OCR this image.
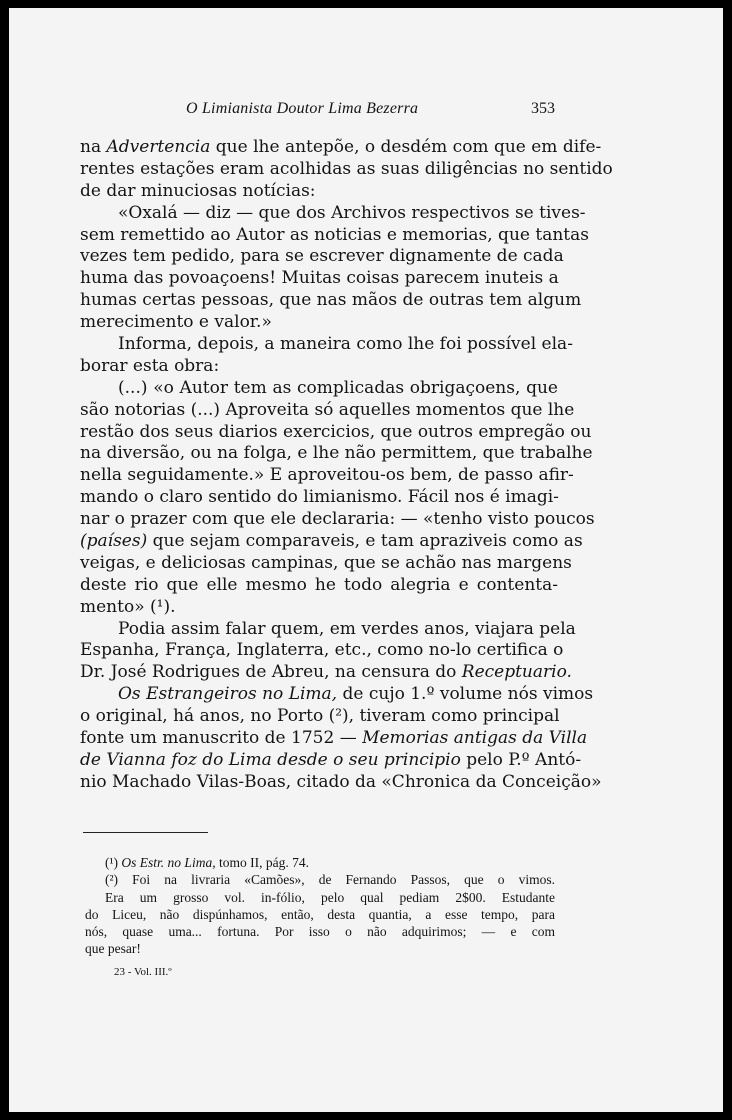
O Limianista Doutor Lima Bezerra	353
na Advertencia que lhe antepõe, o desdém com que em dife-
rentes estações eram acolhidas as suas diligências no sentido
de dar minuciosas notícias:
«Oxalá — diz — que dos Archivos respectivos se tives-
sem remettido ao Autor as noticias e memorias, que tantas
vezes tem pedido, para se escrever dignamente de cada
huma das povoaçoens! Muitas coisas parecem inuteis a
humas certas pessoas, que nas mãos de outras tem algum
merecimento e valor.»
Informa, depois, a maneira como lhe foi possível ela-
borar esta obra:
(...) «o Autor tem as complicadas obrigaçoens, que
são notorias (...) Aproveita só aquelles momentos que lhe
restão dos seus diarios exercicios, que outros empregão ou
na diversão, ou na folga, e lhe não permittem, que trabalhe
nella seguidamente.» E aproveitou-os bem, de passo afir-
mando o claro sentido do limianismo. Fácil nos é imagi-
nar o prazer com que ele declararia: — «tenho visto poucos
(países) que sejam comparaveis, e tam apraziveis como as
veigas, e deliciosas campinas, que se achão nas margens
deste rio que elle mesmo he todo alegria e contenta-
mento» (¹).
Podia assim falar quem, em verdes anos, viajara pela
Espanha, França, Inglaterra, etc., como no-lo certifica o
Dr. José Rodrigues de Abreu, na censura do Receptuario.
Os Estrangeiros no Lima, de cujo 1.º volume nós vimos
o original, há anos, no Porto (²), tiveram como principal
fonte um manuscrito de 1752 — Memorias antigas da Villa
de Vianna foz do Lima desde o seu principio pelo P.º Antó-
nio Machado Vilas-Boas, citado da «Chronica da Conceição»
(¹) Os Estr. no Lima, tomo II, pág. 74.
(²) Foi na livraria «Camões», de Fernando Passos, que o vimos.
Era um grosso vol. in-fólio, pelo qual pediam 2$00. Estudante
do Liceu, não dispúnhamos, então, desta quantia, a esse tempo, para
nós, quase uma... fortuna. Por isso o não adquirimos; — e com
que pesar!
23 - Vol. III.º
